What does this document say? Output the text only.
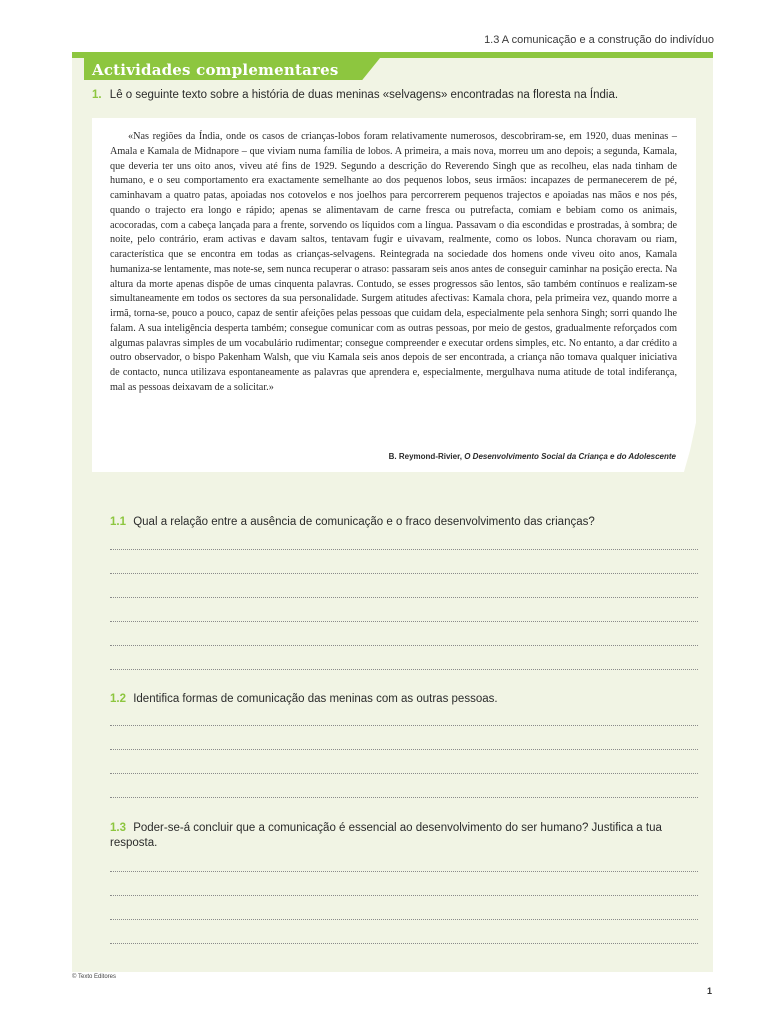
1.3 A comunicação e a construção do indivíduo
Actividades complementares
1. Lê o seguinte texto sobre a história de duas meninas «selvagens» encontradas na floresta na Índia.

«Nas regiões da Índia, onde os casos de crianças-lobos foram relativamente numerosos, descobriram-se, em 1920, duas meninas – Amala e Kamala de Midnapore – que viviam numa família de lobos. A primeira, a mais nova, morreu um ano depois; a segunda, Kamala, que deveria ter uns oito anos, viveu até fins de 1929. Segundo a descrição do Reverendo Singh que as recolheu, elas nada tinham de humano, e o seu comportamento era exactamente semelhante ao dos pequenos lobos, seus irmãos: incapazes de permanecerem de pé, caminhavam a quatro patas, apoiadas nos cotovelos e nos joelhos para percorrerem pequenos trajectos e apoiadas nas mãos e nos pés, quando o trajecto era longo e rápido; apenas se alimentavam de carne fresca ou putrefacta, comiam e bebiam como os animais, acocoradas, com a cabeça lançada para a frente, sorvendo os líquidos com a língua. Passavam o dia escondidas e prostradas, à sombra; de noite, pelo contrário, eram activas e davam saltos, tentavam fugir e uivavam, realmente, como os lobos. Nunca choravam ou riam, característica que se encontra em todas as crianças-selvagens. Reintegrada na sociedade dos homens onde viveu oito anos, Kamala humaniza-se lentamente, mas note-se, sem nunca recuperar o atraso: passaram seis anos antes de conseguir caminhar na posição erecta. Na altura da morte apenas dispõe de umas cinquenta palavras. Contudo, se esses progressos são lentos, são também contínuos e realizam-se simultaneamente em todos os sectores da sua personalidade. Surgem atitudes afectivas: Kamala chora, pela primeira vez, quando morre a irmã, torna-se, pouco a pouco, capaz de sentir afeições pelas pessoas que cuidam dela, especialmente pela senhora Singh; sorri quando lhe falam. A sua inteligência desperta também; consegue comunicar com as outras pessoas, por meio de gestos, gradualmente reforçados com algumas palavras simples de um vocabulário rudimentar; consegue compreender e executar ordens simples, etc. No entanto, a dar crédito a outro observador, o bispo Pakenham Walsh, que viu Kamala seis anos depois de ser encontrada, a criança não tomava qualquer iniciativa de contacto, nunca utilizava espontaneamente as palavras que aprendera e, especialmente, mergulhava numa atitude de total indiferança, mal as pessoas deixavam de a solicitar.»

B. Reymond-Rivier, O Desenvolvimento Social da Criança e do Adolescente
1.1 Qual a relação entre a ausência de comunicação e o fraco desenvolvimento das crianças?
1.2 Identifica formas de comunicação das meninas com as outras pessoas.
1.3 Poder-se-á concluir que a comunicação é essencial ao desenvolvimento do ser humano? Justifica a tua resposta.
© Texto Editores
1
